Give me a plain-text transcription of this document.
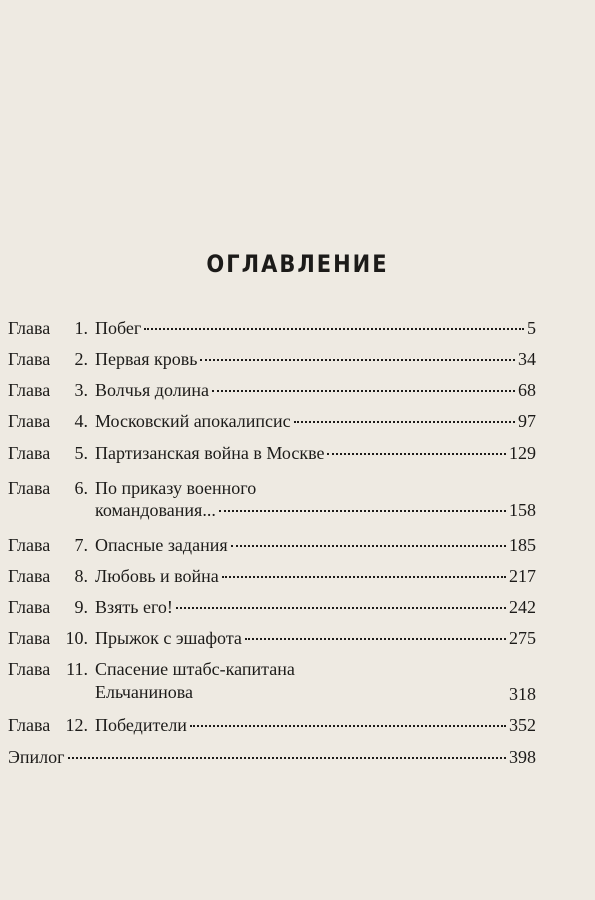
ОГЛАВЛЕНИЕ
Глава	1. Побег	5
Глава	2. Первая кровь	34
Глава	3. Волчья долина	68
Глава	4. Московский апокалипсис	97
Глава	5. Партизанская война в Москве	129
Глава	6. По приказу военного
командования...	158
Глава	7. Опасные задания	185
Глава	8. Любовь и война	217
Глава	9. Взять его!	242
Глава 10. Прыжок с эшафота	275
Глава 11. Спасение штабс-капитана
Ельчанинова	318
Глава 12. Победители	352
Эпилог	398
